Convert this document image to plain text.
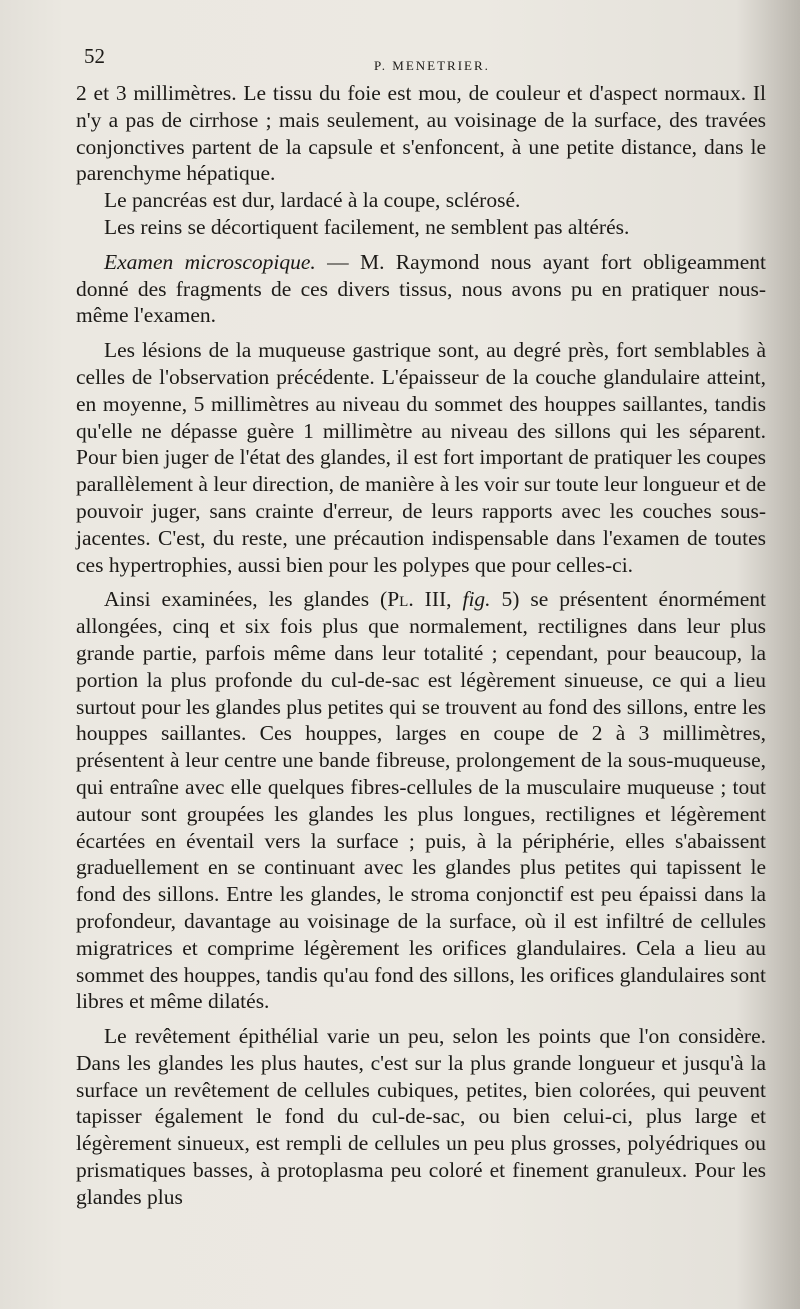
52	P. MENETRIER.

2 et 3 millimètres. Le tissu du foie est mou, de couleur et d'aspect normaux. Il n'y a pas de cirrhose ; mais seulement, au voisinage de la surface, des travées conjonctives partent de la capsule et s'enfoncent, à une petite distance, dans le parenchyme hépatique.

Le pancréas est dur, lardacé à la coupe, sclérosé.

Les reins se décortiquent facilement, ne semblent pas altérés.

Examen microscopique. — M. Raymond nous ayant fort obligeamment donné des fragments de ces divers tissus, nous avons pu en pratiquer nous-même l'examen.

Les lésions de la muqueuse gastrique sont, au degré près, fort semblables à celles de l'observation précédente. L'épaisseur de la couche glandulaire atteint, en moyenne, 5 millimètres au niveau du sommet des houppes saillantes, tandis qu'elle ne dépasse guère 1 millimètre au niveau des sillons qui les séparent. Pour bien juger de l'état des glandes, il est fort important de pratiquer les coupes parallèlement à leur direction, de manière à les voir sur toute leur longueur et de pouvoir juger, sans crainte d'erreur, de leurs rapports avec les couches sous-jacentes. C'est, du reste, une précaution indispensable dans l'examen de toutes ces hypertrophies, aussi bien pour les polypes que pour celles-ci.

Ainsi examinées, les glandes (Pl. III, fig. 5) se présentent énormément allongées, cinq et six fois plus que normalement, rectilignes dans leur plus grande partie, parfois même dans leur totalité ; cependant, pour beaucoup, la portion la plus profonde du cul-de-sac est légèrement sinueuse, ce qui a lieu surtout pour les glandes plus petites qui se trouvent au fond des sillons, entre les houppes saillantes. Ces houppes, larges en coupe de 2 à 3 millimètres, présentent à leur centre une bande fibreuse, prolongement de la sous-muqueuse, qui entraîne avec elle quelques fibres-cellules de la musculaire muqueuse ; tout autour sont groupées les glandes les plus longues, rectilignes et légèrement écartées en éventail vers la surface ; puis, à la périphérie, elles s'abaissent graduellement en se continuant avec les glandes plus petites qui tapissent le fond des sillons. Entre les glandes, le stroma conjonctif est peu épaissi dans la profondeur, davantage au voisinage de la surface, où il est infiltré de cellules migratrices et comprime légèrement les orifices glandulaires. Cela a lieu au sommet des houppes, tandis qu'au fond des sillons, les orifices glandulaires sont libres et même dilatés.

Le revêtement épithélial varie un peu, selon les points que l'on considère. Dans les glandes les plus hautes, c'est sur la plus grande longueur et jusqu'à la surface un revêtement de cellules cubiques, petites, bien colorées, qui peuvent tapisser également le fond du cul-de-sac, ou bien celui-ci, plus large et légèrement sinueux, est rempli de cellules un peu plus grosses, polyédriques ou prismatiques basses, à protoplasma peu coloré et finement granuleux. Pour les glandes plus
